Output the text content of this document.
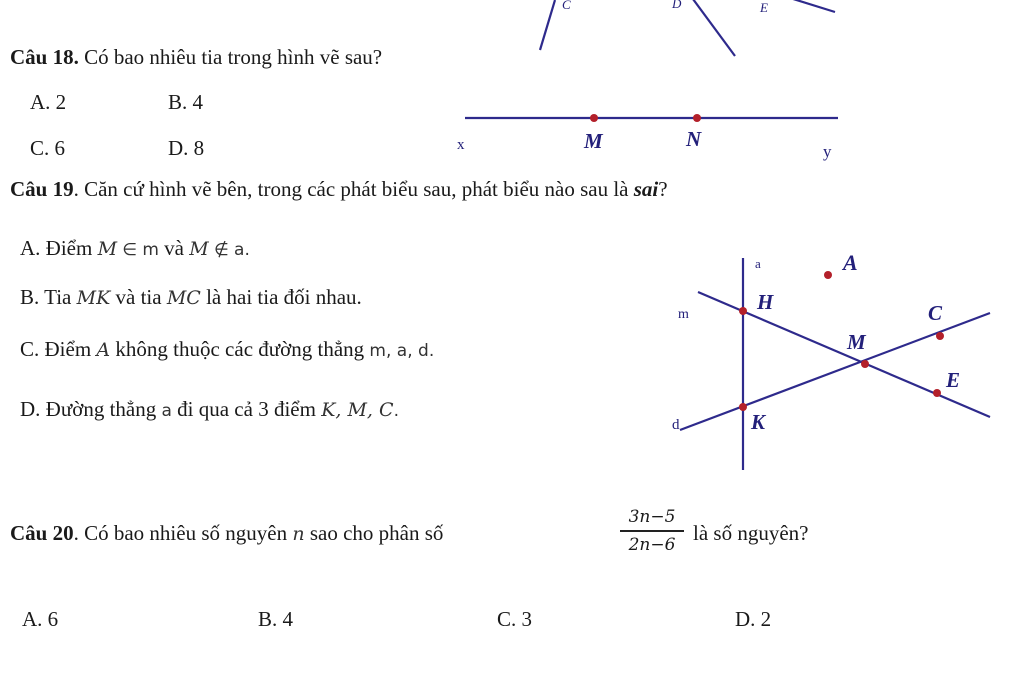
Câu 18. Có bao nhiêu tia trong hình vẽ sau?
A. 2	B. 4
C. 6	D. 8
C	D	E
x	M	N
y
Câu 19. Căn cứ hình vẽ bên, trong các phát biểu sau, phát biểu nào sau là sai?
A. Điểm M ∈ m và M ∉ a.
B. Tia MK và tia MC là hai tia đối nhau.
C. Điểm A không thuộc các đường thẳng m, a, d.
D. Đường thẳng a đi qua cả 3 điểm K, M, C.
a	A
m
H	C
M
E
d	K
Câu 20. Có bao nhiêu số nguyên n sao cho phân số
3n−5
2n−6 là số nguyên?
A. 6	B. 4	C. 3	D. 2
